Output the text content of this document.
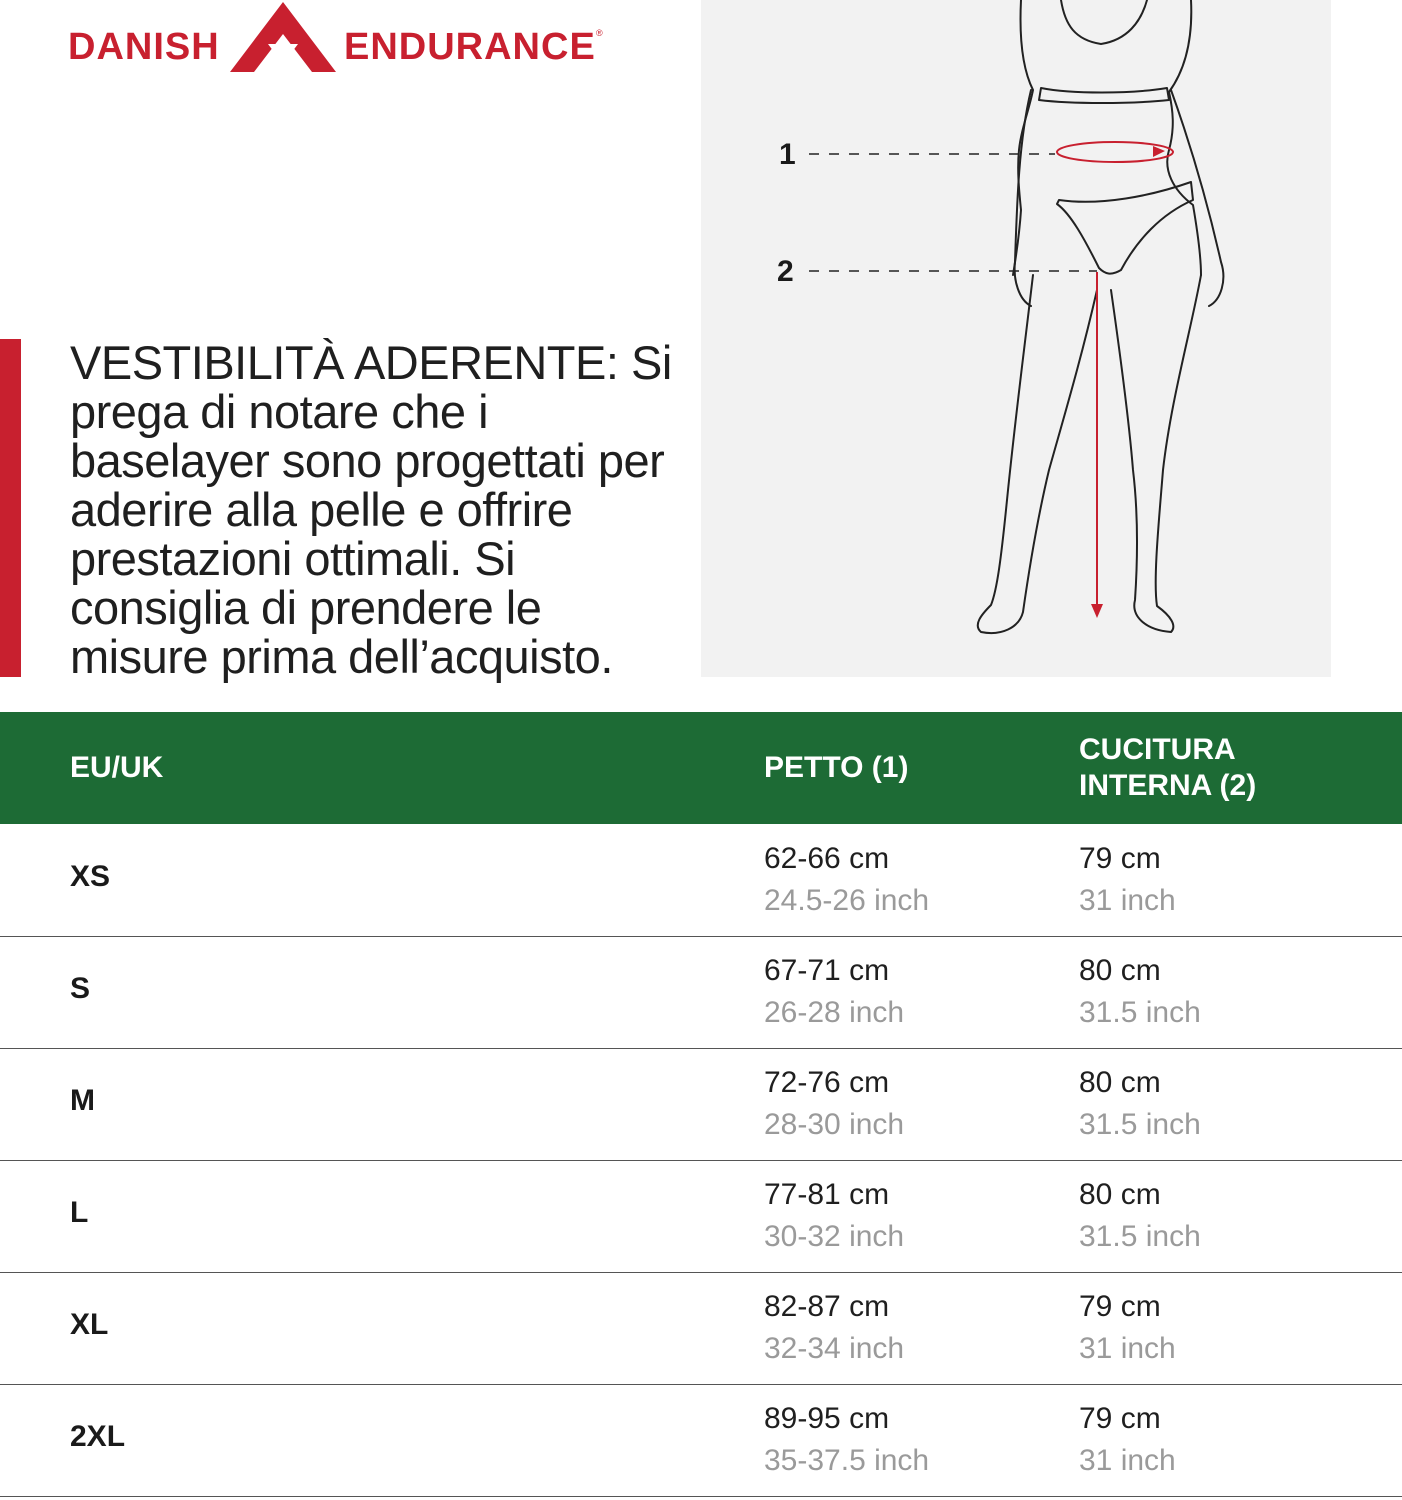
DANISH	ENDURANCE ®
VESTIBILITÀ ADERENTE: Si prega di notare che i baselayer sono progettati per aderire alla pelle e offrire prestazioni ottimali. Si consiglia di prendere le misure prima dell’acquisto.
1
2
EU/UK	PETTO (1)
CUCITURA INTERNA (2)
XS
62-66 cm
24.5-26 inch
79 cm
31 inch
S
67-71 cm
26-28 inch
80 cm
31.5 inch
M
72-76 cm
28-30 inch
80 cm
31.5 inch
L
77-81 cm
30-32 inch
80 cm
31.5 inch
XL
82-87 cm
32-34 inch
79 cm
31 inch
2XL
89-95 cm
35-37.5 inch
79 cm
31 inch
